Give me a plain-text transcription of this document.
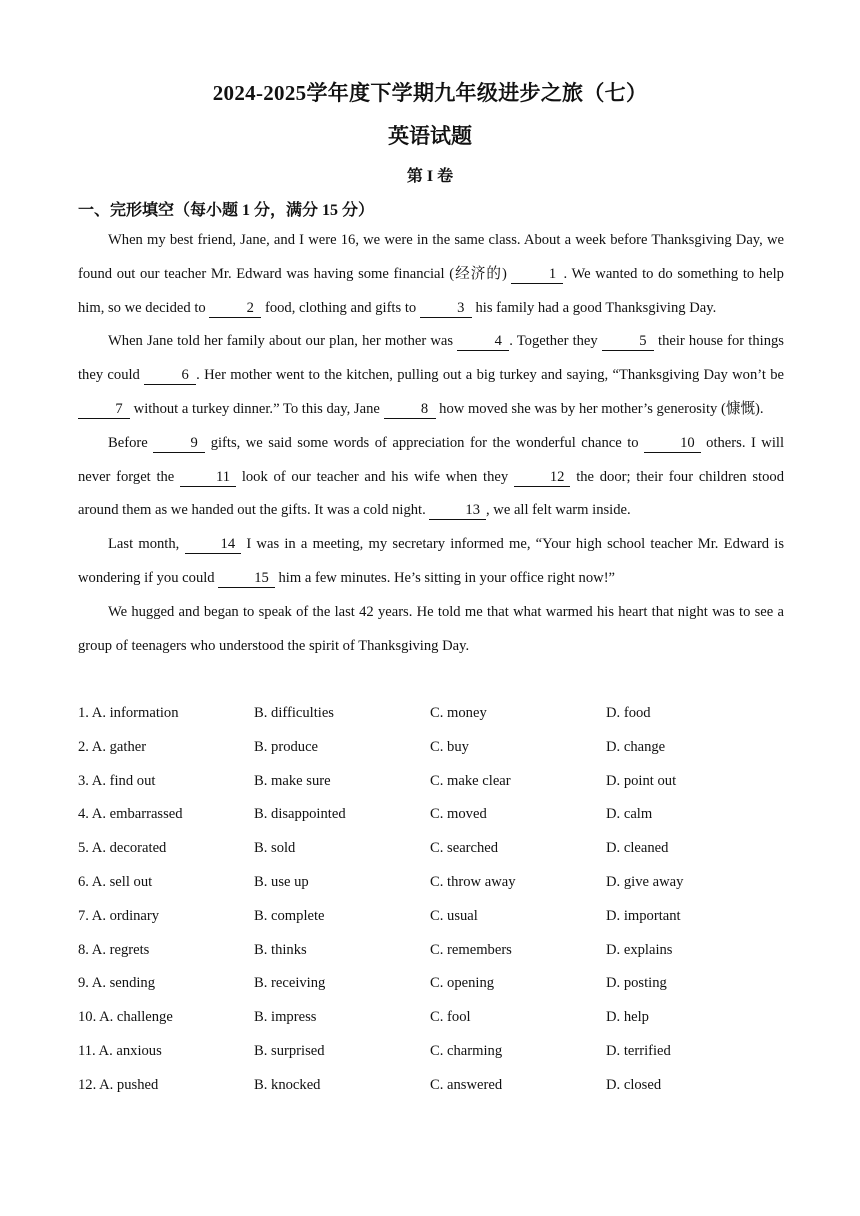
2024-2025学年度下学期九年级进步之旅（七）
英语试题
第 I 卷
一、完形填空（每小题 1 分，满分 15 分）

When my best friend, Jane, and I were 16, we were in the same class. About a week before Thanksgiving Day, we found out our teacher Mr. Edward was having some financial (经济的)	1 . We wanted to do something to help him, so we decided to	2 food, clothing and gifts to	3 his family had a good Thanksgiving Day.

When Jane told her family about our plan, her mother was	4 . Together they	5 their house for things they could	6 . Her mother went to the kitchen, pulling out a big turkey and saying, “Thanksgiving Day won’t be 7 without a turkey dinner.” To this day, Jane	8 how moved she was by her mother’s generosity (慷慨).

Before	9 gifts, we said some words of appreciation for the wonderful chance to 10 others. I will never forget the 11 look of our teacher and his wife when they 12 the door; their four children stood around them as we handed out the gifts. It was a cold night. 13 , we all felt warm inside.

Last month, 14 I was in a meeting, my secretary informed me, “Your high school teacher Mr. Edward is wondering if you could 15 him a few minutes. He’s sitting in your office right now!”

We hugged and began to speak of the last 42 years. He told me that what warmed his heart that night was to see a group of teenagers who understood the spirit of Thanksgiving Day.

1. A. information	B. difficulties	C. money	D. food
2. A. gather	B. produce	C. buy	D. change
3. A. find out	B. make sure	C. make clear	D. point out
4. A. embarrassed	B. disappointed	C. moved	D. calm
5. A. decorated	B. sold	C. searched	D. cleaned
6. A. sell out	B. use up	C. throw away	D. give away
7. A. ordinary	B. complete	C. usual	D. important
8. A. regrets	B. thinks	C. remembers	D. explains
9. A. sending	B. receiving	C. opening	D. posting
10. A. challenge	B. impress	C. fool	D. help
11. A. anxious	B. surprised	C. charming	D. terrified
12. A. pushed	B. knocked	C. answered	D. closed
